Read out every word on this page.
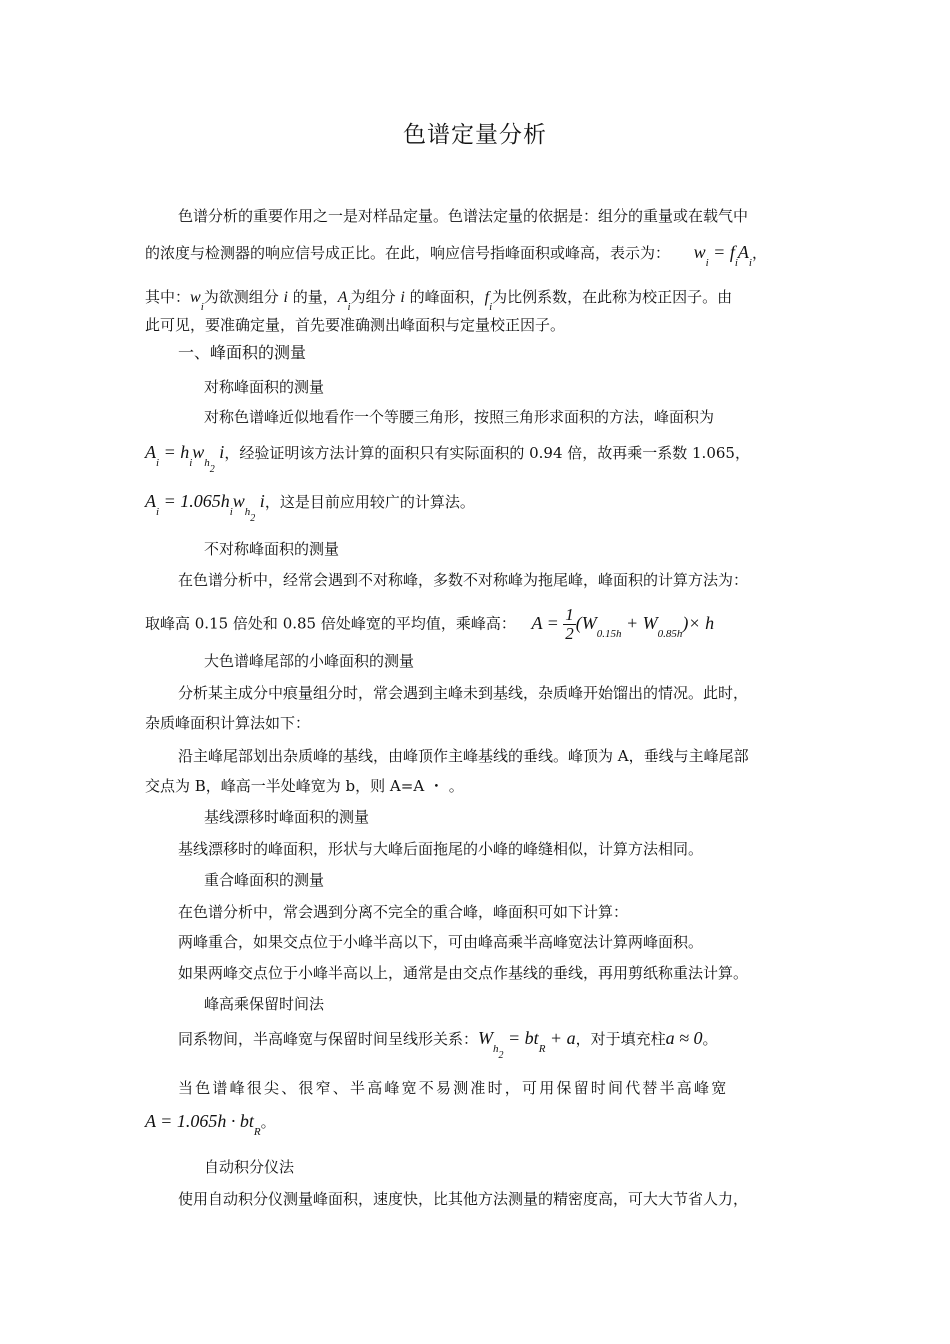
色谱定量分析
色谱分析的重要作用之一是对样品定量。色谱法定量的依据是：组分的重量或在载气中
的浓度与检测器的响应信号成正比。在此，响应信号指峰面积或峰高，表示为： $w_i = f_iA_i$，
其中：$w_i$为欲测组分 i 的量，$A_i$为组分 i 的峰面积，$f_i$为比例系数，在此称为校正因子。由
此可见，要准确定量，首先要准确测出峰面积与定量校正因子。
一、峰面积的测量
对称峰面积的测量
对称色谱峰近似地看作一个等腰三角形，按照三角形求面积的方法，峰面积为
$A_i = h_iw_{h2}$ i，经验证明该方法计算的面积只有实际面积的 0.94 倍，故再乘一系数 1.065，
$A_i = 1.065h_iw_{h2}$ i，这是目前应用较广的计算法。
不对称峰面积的测量
在色谱分析中，经常会遇到不对称峰，多数不对称峰为拖尾峰，峰面积的计算方法为：
取峰高 0.15 倍处和 0.85 倍处峰宽的平均值，乘峰高： $A = \frac{1}{2} (W_{0.15h} + W_{0.85h})\times h$
大色谱峰尾部的小峰面积的测量
分析某主成分中痕量组分时，常会遇到主峰未到基线，杂质峰开始馏出的情况。此时，
杂质峰面积计算法如下：
沿主峰尾部划出杂质峰的基线，由峰顶作主峰基线的垂线。峰顶为 A，垂线与主峰尾部
交点为 B，峰高一半处峰宽为 b，则 A=A ・ 。
基线漂移时峰面积的测量
基线漂移时的峰面积，形状与大峰后面拖尾的小峰的峰缝相似，计算方法相同。
重合峰面积的测量
在色谱分析中，常会遇到分离不完全的重合峰，峰面积可如下计算：
两峰重合，如果交点位于小峰半高以下，可由峰高乘半高峰宽法计算两峰面积。
如果两峰交点位于小峰半高以上，通常是由交点作基线的垂线，再用剪纸称重法计算。
峰高乘保留时间法
同系物间，半高峰宽与保留时间呈线形关系：$W_{h2} = bt_R + a$，对于填充柱a ≈ 0。
当色谱峰很尖、很窄、半高峰宽不易测准时，可用保留时间代替半高峰宽
$A = 1.065h \cdot bt_R$。
自动积分仪法
使用自动积分仪测量峰面积，速度快，比其他方法测量的精密度高，可大大节省人力，
